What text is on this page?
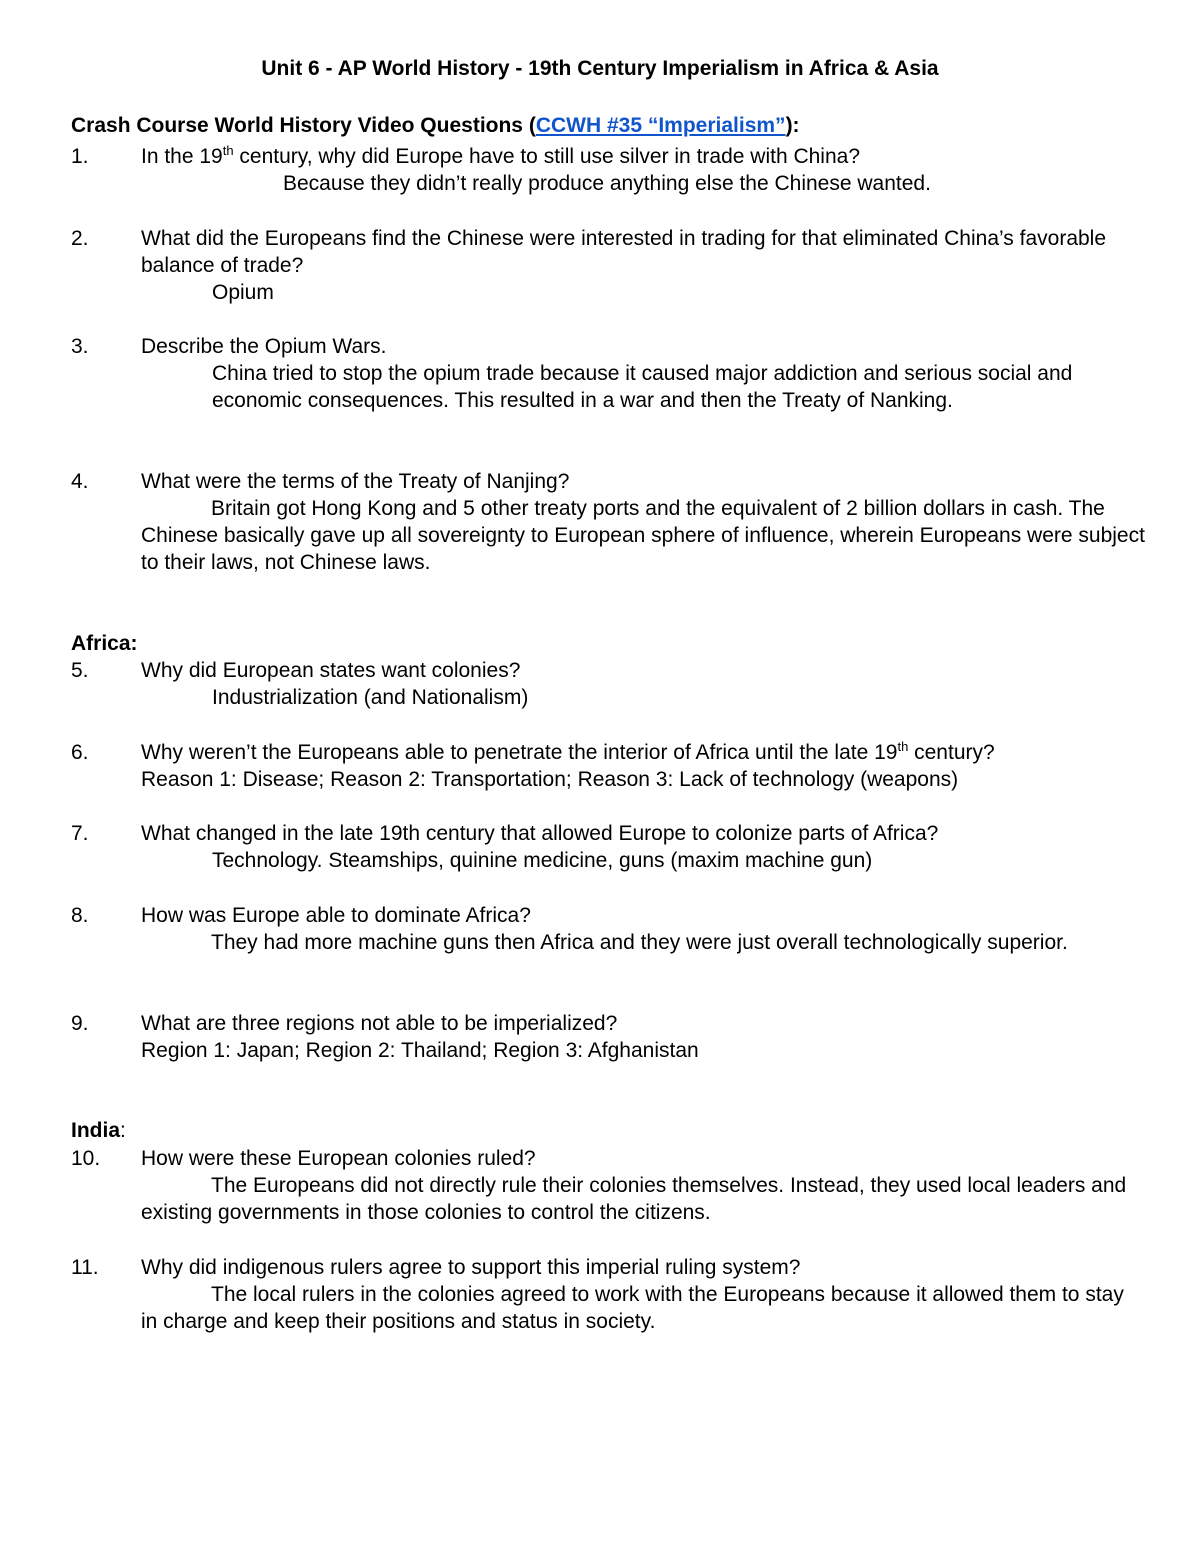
Unit 6 - AP World History - 19th Century Imperialism in Africa & Asia
Crash Course World History Video Questions (CCWH #35 “Imperialism”):
1.	In the 19th century, why did Europe have to still use silver in trade with China?
Because they didn’t really produce anything else the Chinese wanted.
2.	What did the Europeans find the Chinese were interested in trading for that eliminated China’s favorable balance of trade?
Opium
3.	Describe the Opium Wars.
China tried to stop the opium trade because it caused major addiction and serious social and economic consequences. This resulted in a war and then the Treaty of Nanking.
4.	What were the terms of the Treaty of Nanjing?
Britain got Hong Kong and 5 other treaty ports and the equivalent of 2 billion dollars in cash. The Chinese basically gave up all sovereignty to European sphere of influence, wherein Europeans were subject to their laws, not Chinese laws.
Africa:
5.	Why did European states want colonies?
Industrialization (and Nationalism)
6.	Why weren’t the Europeans able to penetrate the interior of Africa until the late 19th century?
Reason 1: Disease; Reason 2: Transportation; Reason 3: Lack of technology (weapons)
7.	What changed in the late 19th century that allowed Europe to colonize parts of Africa?
Technology. Steamships, quinine medicine, guns (maxim machine gun)
8.	How was Europe able to dominate Africa?
They had more machine guns then Africa and they were just overall technologically superior.
9.	What are three regions not able to be imperialized?
Region 1: Japan; Region 2: Thailand; Region 3: Afghanistan
India:
10.	How were these European colonies ruled?
The Europeans did not directly rule their colonies themselves. Instead, they used local leaders and existing governments in those colonies to control the citizens.
11.	Why did indigenous rulers agree to support this imperial ruling system?
The local rulers in the colonies agreed to work with the Europeans because it allowed them to stay in charge and keep their positions and status in society.
